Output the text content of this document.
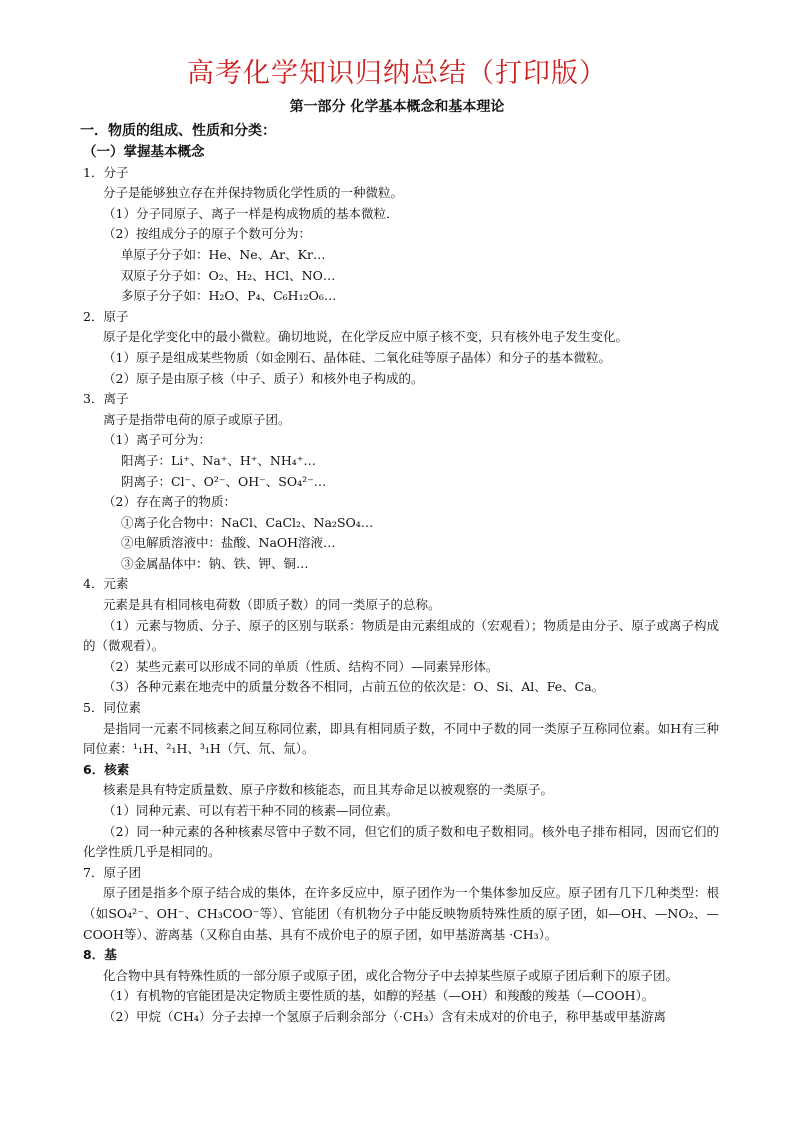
高考化学知识归纳总结（打印版）
第一部分 化学基本概念和基本理论
一．物质的组成、性质和分类：
（一）掌握基本概念
1．分子
分子是能够独立存在并保持物质化学性质的一种微粒。
（1）分子同原子、离子一样是构成物质的基本微粒．
（2）按组成分子的原子个数可分为：
单原子分子如：He、Ne、Ar、Kr…
双原子分子如：O₂、H₂、HCl、NO…
多原子分子如：H₂O、P₄、C₆H₁₂O₆…
2．原子
原子是化学变化中的最小微粒。确切地说，在化学反应中原子核不变，只有核外电子发生变化。
（1）原子是组成某些物质（如金刚石、晶体硅、二氧化硅等原子晶体）和分子的基本微粒。
（2）原子是由原子核（中子、质子）和核外电子构成的。
3．离子
离子是指带电荷的原子或原子团。
（1）离子可分为：
阳离子：Li⁺、Na⁺、H⁺、NH₄⁺…
阴离子：Cl⁻、O²⁻、OH⁻、SO₄²⁻…
（2）存在离子的物质：
①离子化合物中：NaCl、CaCl₂、Na₂SO₄…
②电解质溶液中：盐酸、NaOH溶液…
③金属晶体中：钠、铁、钾、铜…
4．元素
元素是具有相同核电荷数（即质子数）的同一类原子的总称。
（1）元素与物质、分子、原子的区别与联系：物质是由元素组成的（宏观看）；物质是由分子、原子或离子构成的（微观看）。
（2）某些元素可以形成不同的单质（性质、结构不同）—同素异形体。
（3）各种元素在地壳中的质量分数各不相同，占前五位的依次是：O、Si、Al、Fe、Ca。
5．同位素
是指同一元素不同核素之间互称同位素，即具有相同质子数，不同中子数的同一类原子互称同位素。如H有三种同位素：¹₁H、²₁H、³₁H（氕、氘、氚）。
6．核素
核素是具有特定质量数、原子序数和核能态，而且其寿命足以被观察的一类原子。
（1）同种元素、可以有若干种不同的核素—同位素。
（2）同一种元素的各种核素尽管中子数不同，但它们的质子数和电子数相同。核外电子排布相同，因而它们的化学性质几乎是相同的。
7．原子团
原子团是指多个原子结合成的集体，在许多反应中，原子团作为一个集体参加反应。原子团有几下几种类型：根（如SO₄²⁻、OH⁻、CH₃COO⁻等）、官能团（有机物分子中能反映物质特殊性质的原子团，如—OH、—NO₂、—COOH等）、游离基（又称自由基、具有不成价电子的原子团，如甲基游离基 ·CH₃）。
8．基
化合物中具有特殊性质的一部分原子或原子团，或化合物分子中去掉某些原子或原子团后剩下的原子团。
（1）有机物的官能团是决定物质主要性质的基，如醇的羟基（—OH）和羧酸的羧基（—COOH）。
（2）甲烷（CH₄）分子去掉一个氢原子后剩余部分（·CH₃）含有未成对的价电子，称甲基或甲基游离
